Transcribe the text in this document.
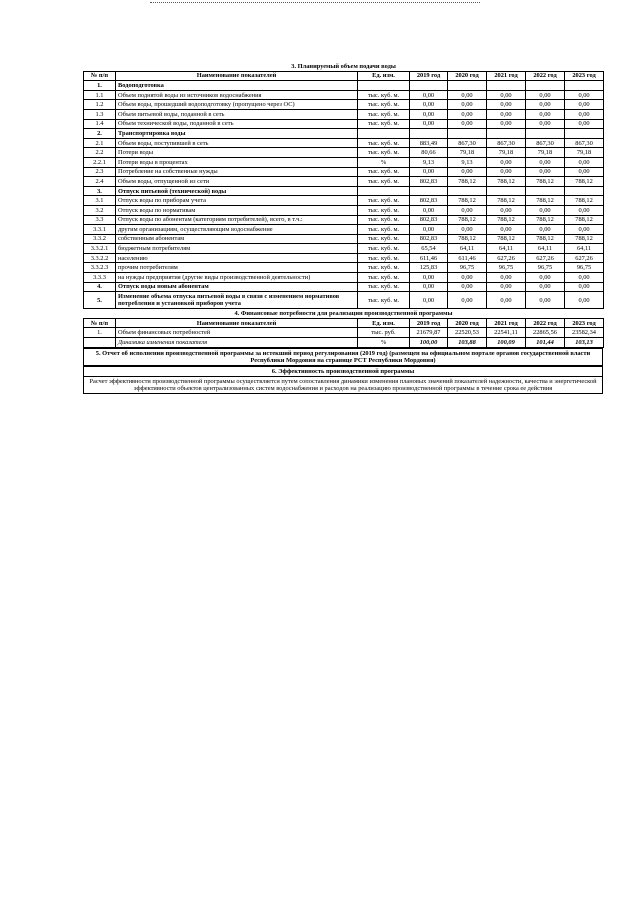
3. Планируемый объем подачи воды							
№ п/п	Наименование показателей	Ед. изм.	2019 год	2020 год	2021 год	2022 год	2023 год
1.	Водоподготовка						
1.1	Объем поднятой воды из источников водоснабжения	тыс. куб. м.	0,00	0,00	0,00	0,00	0,00
1.2	Объем воды, прошедший водоподготовку (пропущено через ОС)	тыс. куб. м.	0,00	0,00	0,00	0,00	0,00
1.3	Объем питьевой воды, поданной в сеть	тыс. куб. м.	0,00	0,00	0,00	0,00	0,00
1.4	Объем технической воды, поданной в сеть	тыс. куб. м.	0,00	0,00	0,00	0,00	0,00
2.	Транспортировка воды						
2.1	Объем воды, поступившей в сеть	тыс. куб. м.	883,49	867,30	867,30	867,30	867,30
2.2	Потери воды	тыс. куб. м.	80,66	79,18	79,18	79,18	79,18
2.2.1	Потери воды в процентах	%	9,13	9,13	0,00	0,00	0,00
2.3	Потребление на собственные нужды	тыс. куб. м.	0,00	0,00	0,00	0,00	0,00
2.4	Объем воды, отпущенной из сети	тыс. куб. м.	802,83	788,12	788,12	788,12	788,12
3.	Отпуск питьевой (технической) воды						
3.1	Отпуск воды по приборам учета	тыс. куб. м.	802,83	788,12	788,12	788,12	788,12
3.2	Отпуск воды по нормативам	тыс. куб. м.	0,00	0,00	0,00	0,00	0,00
3.3	Отпуск воды по абонентам (категориям потребителей), всего, в т.ч.:	тыс. куб. м.	802,83	788,12	788,12	788,12	788,12
3.3.1	другим организациям, осуществляющим водоснабжение	тыс. куб. м.	0,00	0,00	0,00	0,00	0,00
3.3.2	собственным абонентам	тыс. куб. м.	802,83	788,12	788,12	788,12	788,12
3.3.2.1	бюджетным потребителям	тыс. куб. м.	65,54	64,11	64,11	64,11	64,11
3.3.2.2	населению	тыс. куб. м.	611,46	611,46	627,26	627,26	627,26
3.3.2.3	прочим потребителям	тыс. куб. м.	125,83	96,75	96,75	96,75	96,75
3.3.3	на нужды предприятия (другие виды производственной деятельности)	тыс. куб. м.	0,00	0,00	0,00	0,00	0,00
4.	Отпуск воды новым абонентам	тыс. куб. м.	0,00	0,00	0,00	0,00	0,00
5.	Изменение объема отпуска питьевой воды в связи с изменением нормативов потребления и установкой приборов учета	тыс. куб. м.	0,00	0,00	0,00	0,00	0,00
4. Финансовые потребности для реализации производственной программы							
№ п/п	Наименование показателей	Ед. изм.	2019 год	2020 год	2021 год	2022 год	2023 год
1.	Объем финансовых потребностей	тыс. руб.	21679,87	22520,53	22541,11	22865,56	23582,34
	Динамика изменения показателя	%	100,00	103,88	100,09	101,44	103,13
5. Отчет об исполнении производственной программы за истекший период регулирования (2019 год) (размещен на официальном портале органов государственной власти Республики Мордовия на странице РСТ Республики Мордовия)
6. Эффективность производственной программы
Расчет эффективности производственной программы осуществляется путем сопоставления динамики изменения плановых значений показателей надежности, качества и энергетической эффективности объектов централизованных систем водоснабжения и расходов на реализацию производственной программы в течение срока ее действия
